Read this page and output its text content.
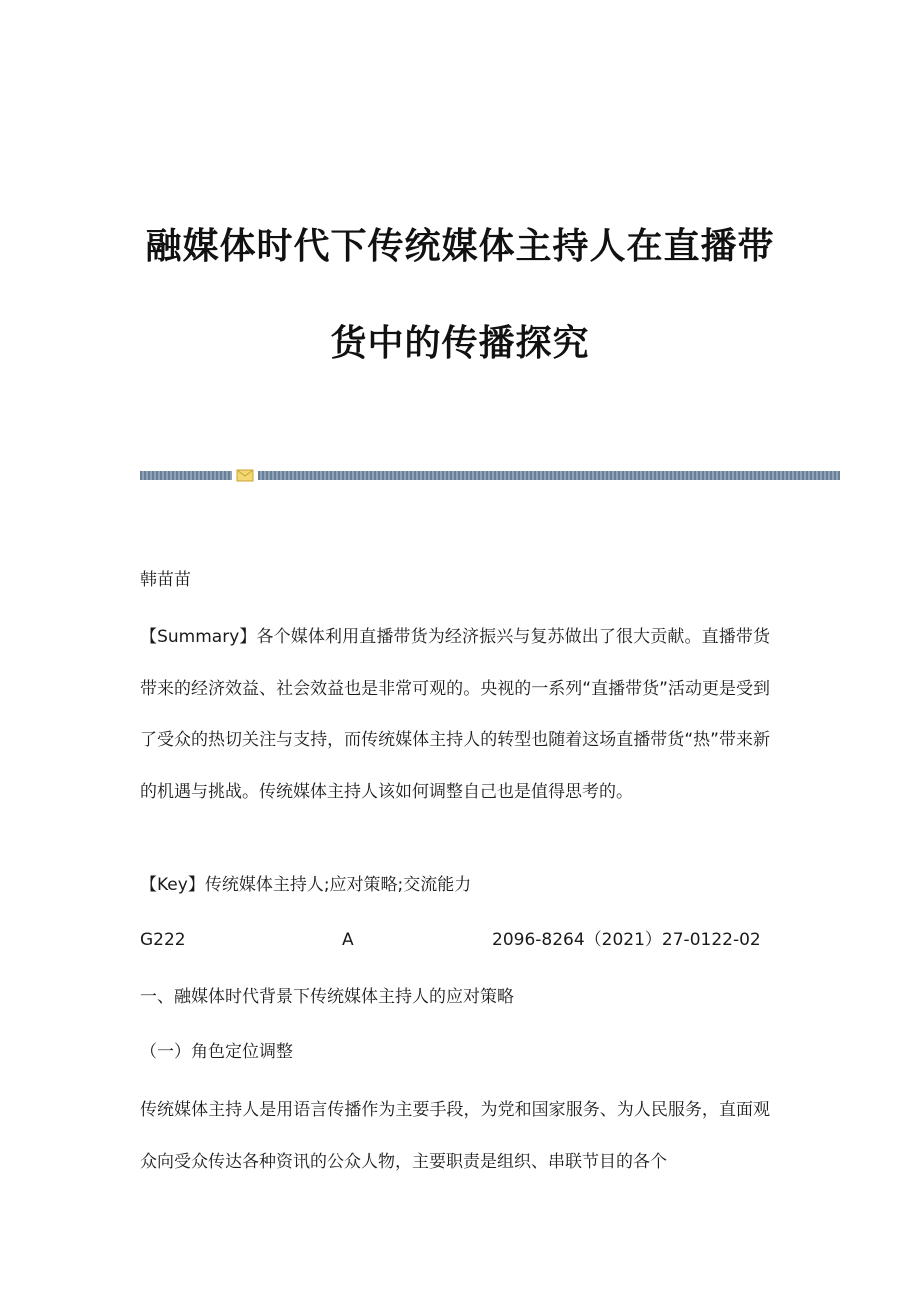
融媒体时代下传统媒体主持人在直播带
货中的传播探究
韩苗苗
【Summary】各个媒体利用直播带货为经济振兴与复苏做出了很大贡献。直播带货带来的经济效益、社会效益也是非常可观的。央视的一系列“直播带货”活动更是受到了受众的热切关注与支持，而传统媒体主持人的转型也随着这场直播带货“热”带来新的机遇与挑战。传统媒体主持人该如何调整自己也是值得思考的。
【Key】传统媒体主持人;应对策略;交流能力
G222	A	2096-8264（2021）27-0122-02
一、融媒体时代背景下传统媒体主持人的应对策略
（一）角色定位调整
传统媒体主持人是用语言传播作为主要手段，为党和国家服务、为人民服务，直面观众向受众传达各种资讯的公众人物，主要职责是组织、串联节目的各个
